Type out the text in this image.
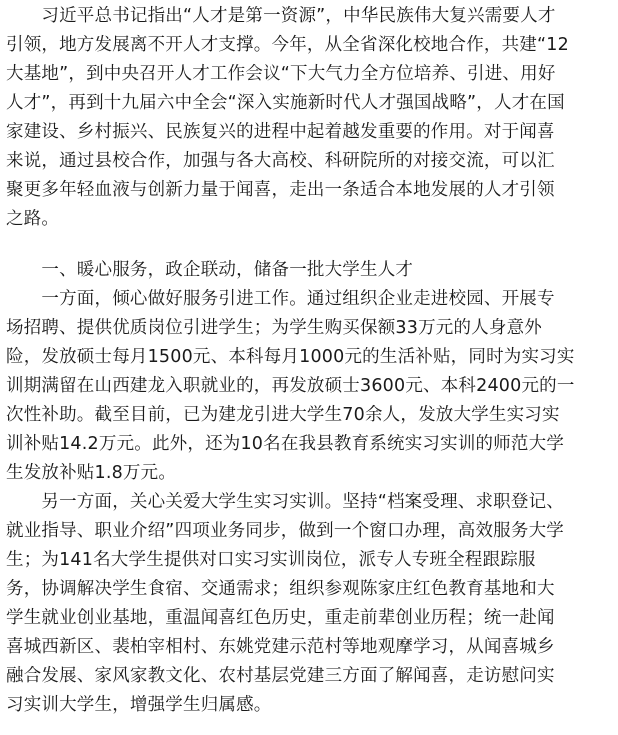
　　习近平总书记指出“人才是第一资源”，中华民族伟大复兴需要人才
引领，地方发展离不开人才支撑。今年，从全省深化校地合作，共建“12
大基地”，到中央召开人才工作会议“下大气力全方位培养、引进、用好
人才”，再到十九届六中全会“深入实施新时代人才强国战略”，人才在国
家建设、乡村振兴、民族复兴的进程中起着越发重要的作用。对于闻喜
来说，通过县校合作，加强与各大高校、科研院所的对接交流，可以汇
聚更多年轻血液与创新力量于闻喜，走出一条适合本地发展的人才引领
之路。

　　一、暖心服务，政企联动，储备一批大学生人才

　　一方面，倾心做好服务引进工作。通过组织企业走进校园、开展专
场招聘、提供优质岗位引进学生；为学生购买保额33万元的人身意外
险，发放硕士每月1500元、本科每月1000元的生活补贴，同时为实习实
训期满留在山西建龙入职就业的，再发放硕士3600元、本科2400元的一
次性补助。截至目前，已为建龙引进大学生70余人，发放大学生实习实
训补贴14.2万元。此外，还为10名在我县教育系统实习实训的师范大学
生发放补贴1.8万元。

　　另一方面，关心关爱大学生实习实训。坚持“档案受理、求职登记、
就业指导、职业介绍”四项业务同步，做到一个窗口办理，高效服务大学
生；为141名大学生提供对口实习实训岗位，派专人专班全程跟踪服
务，协调解决学生食宿、交通需求；组织参观陈家庄红色教育基地和大
学生就业创业基地，重温闻喜红色历史，重走前辈创业历程；统一赴闻
喜城西新区、裴柏宰相村、东姚党建示范村等地观摩学习，从闻喜城乡
融合发展、家风家教文化、农村基层党建三方面了解闻喜，走访慰问实
习实训大学生，增强学生归属感。
